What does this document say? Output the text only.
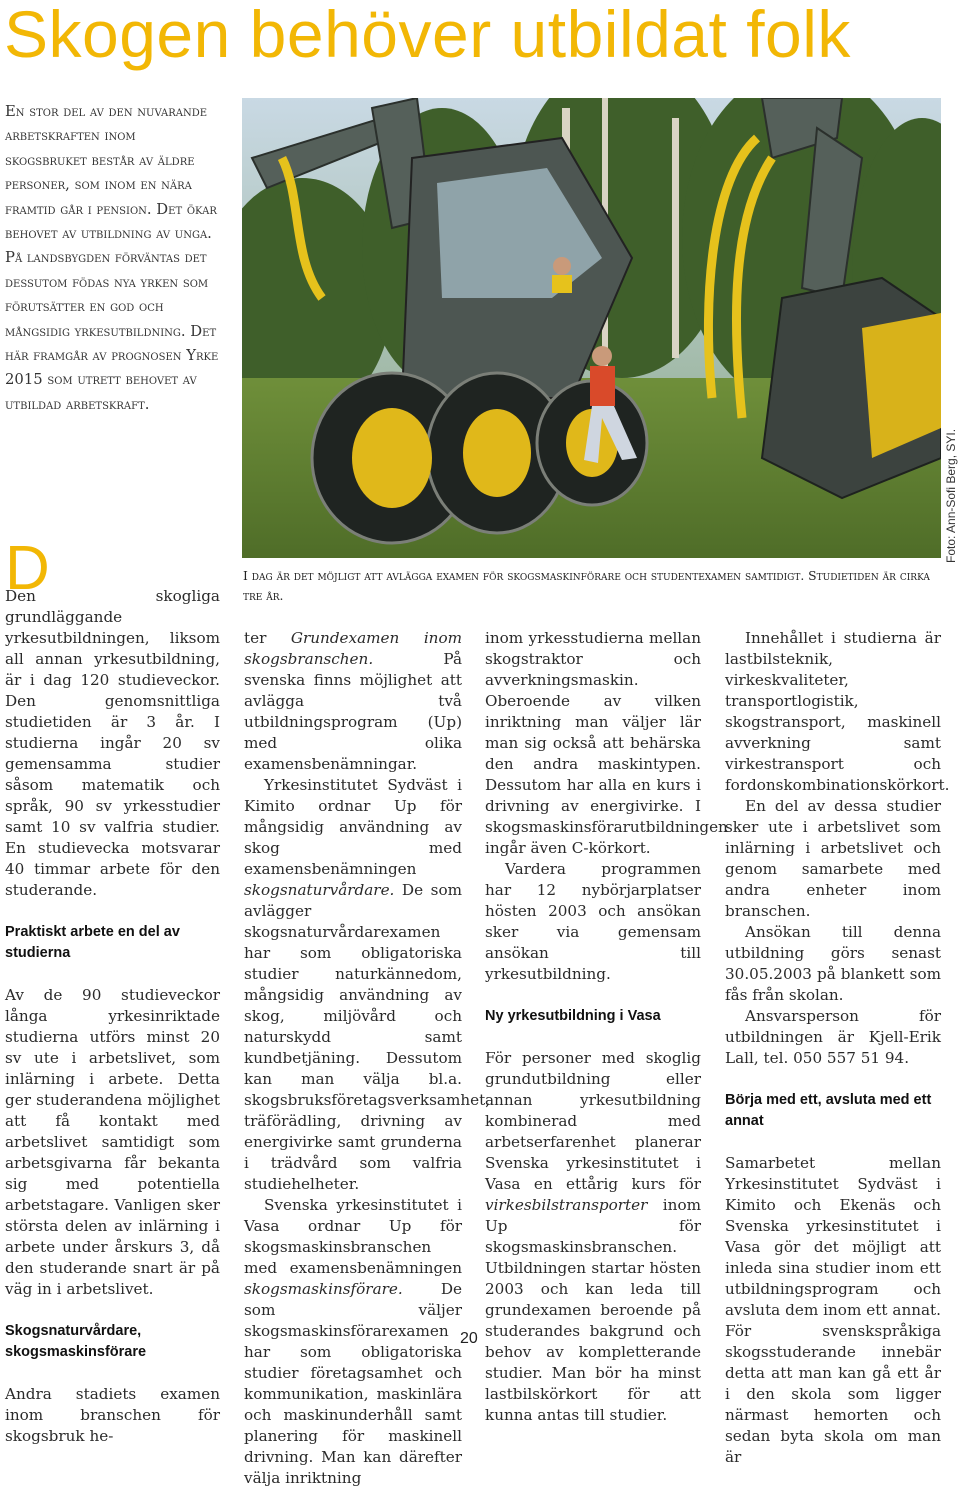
Skogen behöver utbildat folk

En stor del av den nuvarande arbetskraften inom skogsbruket består av äldre personer, som inom en nära framtid går i pension. Det ökar behovet av utbildning av unga. På landsbygden förväntas det dessutom födas nya yrken som förutsätter en god och mångsidig yrkesutbildning. Det här framgår av prognosen Yrke 2015 som utrett behovet av utbildad arbetskraft.

D

Den skogliga grundläggande yrkesutbildningen, liksom all annan yrkesutbildning, är i dag 120 studieveckor. Den genomsnittliga studietiden är 3 år. I studierna ingår 20 sv gemensamma studier såsom matematik och språk, 90 sv yrkesstudier samt 10 sv valfria studier. En studievecka motsvarar 40 timmar arbete för den studerande.

Praktiskt arbete en del av studierna

Av de 90 studieveckor långa yrkesinriktade studierna utförs minst 20 sv ute i arbetslivet, som inlärning i arbete. Detta ger studerandena möjlighet att få kontakt med arbetslivet samtidigt som arbetsgivarna får bekanta sig med potentiella arbetstagare. Vanligen sker största delen av inlärning i arbete under årskurs 3, då den studerande snart är på väg in i arbetslivet.

Skogsnaturvårdare, skogsmaskinsförare

Andra stadiets examen inom branschen för skogsbruk he-

Foto: Ann-Sofi Berg, SYI.

I dag är det möjligt att avlägga examen för skogsmaskinförare och studentexamen samtidigt. Studietiden är cirka tre år.

ter Grundexamen inom skogsbranschen. På svenska finns möjlighet att avlägga två utbildningsprogram (Up) med olika examensbenämningar.

Yrkesinstitutet Sydväst i Kimito ordnar Up för mångsidig användning av skog med examensbenämningen skogsnaturvårdare. De som avlägger skogsnaturvårdarexamen har som obligatoriska studier naturkännedom, mångsidig användning av skog, miljövård och naturskydd samt kundbetjäning. Dessutom kan man välja bl.a. skogsbruksföretagsverksamhet, träförädling, drivning av energivirke samt grunderna i trädvård som valfria studiehelheter.

Svenska yrkesinstitutet i Vasa ordnar Up för skogsmaskinsbranschen med examensbenämningen skogsmaskinsförare. De som väljer skogsmaskinsförarexamen har som obligatoriska studier företagsamhet och kommunikation, maskinlära och maskinunderhåll samt planering för maskinell drivning. Man kan därefter välja inriktning

inom yrkesstudierna mellan skogstraktor och avverkningsmaskin. Oberoende av vilken inriktning man väljer lär man sig också att behärska den andra maskintypen. Dessutom har alla en kurs i drivning av energivirke. I skogsmaskinsförarutbildningen ingår även C-körkort.

Vardera programmen har 12 nybörjarplatser hösten 2003 och ansökan sker via gemensam ansökan till yrkesutbildning.

Ny yrkesutbildning i Vasa

För personer med skoglig grundutbildning eller annan yrkesutbildning kombinerad med arbetserfarenhet planerar Svenska yrkesinstitutet i Vasa en ettårig kurs för virkesbilstransporter inom Up för skogsmaskinsbranschen. Utbildningen startar hösten 2003 och kan leda till grundexamen beroende på studerandes bakgrund och behov av kompletterande studier. Man bör ha minst lastbilskörkort för att kunna antas till studier.

Innehållet i studierna är lastbilsteknik, virkeskvaliteter, transportlogistik, skogstransport, maskinell avverkning samt virkestransport och fordonskombinationskörkort.

En del av dessa studier sker ute i arbetslivet som inlärning i arbetslivet och genom samarbete med andra enheter inom branschen.

Ansökan till denna utbildning görs senast 30.05.2003 på blankett som fås från skolan.

Ansvarsperson för utbildningen är Kjell-Erik Lall, tel. 050 557 51 94.

Börja med ett, avsluta med ett annat

Samarbetet mellan Yrkesinstitutet Sydväst i Kimito och Ekenäs och Svenska yrkesinstitutet i Vasa gör det möjligt att inleda sina studier inom ett utbildningsprogram och avsluta dem inom ett annat. För svenskspråkiga skogsstuderande innebär detta att man kan gå ett år i den skola som ligger närmast hemorten och sedan byta skola om man är

20
